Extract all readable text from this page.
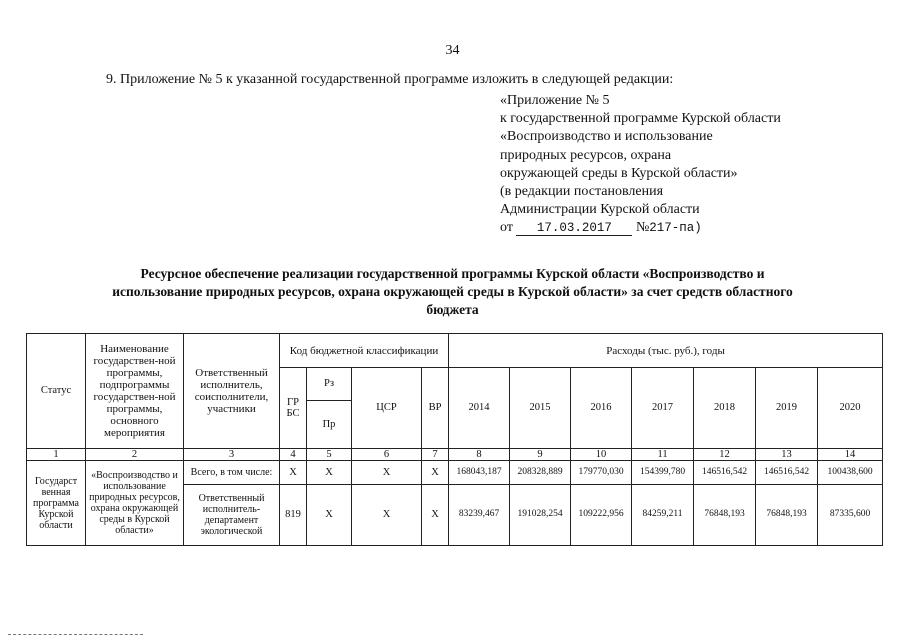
34
9. Приложение № 5 к указанной государственной программе изложить в следующей редакции:
«Приложение № 5
к государственной программе Курской области
«Воспроизводство и использование
природных ресурсов, охрана
окружающей среды в Курской области»
(в редакции постановления
Администрации Курской области
от 17.03.2017 №217-па)
Ресурсное обеспечение реализации государственной программы Курской области «Воспроизводство и
использование природных ресурсов, охрана окружающей среды в Курской области» за счет средств областного
бюджета
Статус	Наименование государствен-ной программы, подпрограммы государствен-ной программы, основного мероприятия	Ответственный исполнитель, соисполнители, участники	Код бюджетной классификации				Расходы (тыс. руб.), годы						
			ГР БС	Рз	ЦСР	ВР	2014	2015	2016	2017	2018	2019	2020
				Пр									
1	2	3	4	5	6	7	8	9	10	11	12	13	14
Государст венная программа Курской области	«Воспроизводство и использование природных ресурсов, охрана окружающей среды в Курской области»	Всего, в том числе:	X	X	X	X	168043,187	208328,889	179770,030	154399,780	146516,542	146516,542	100438,600
		Ответственный исполнитель-департамент экологической	819	X	X	X	83239,467	191028,254	109222,956	84259,211	76848,193	76848,193	87335,600
